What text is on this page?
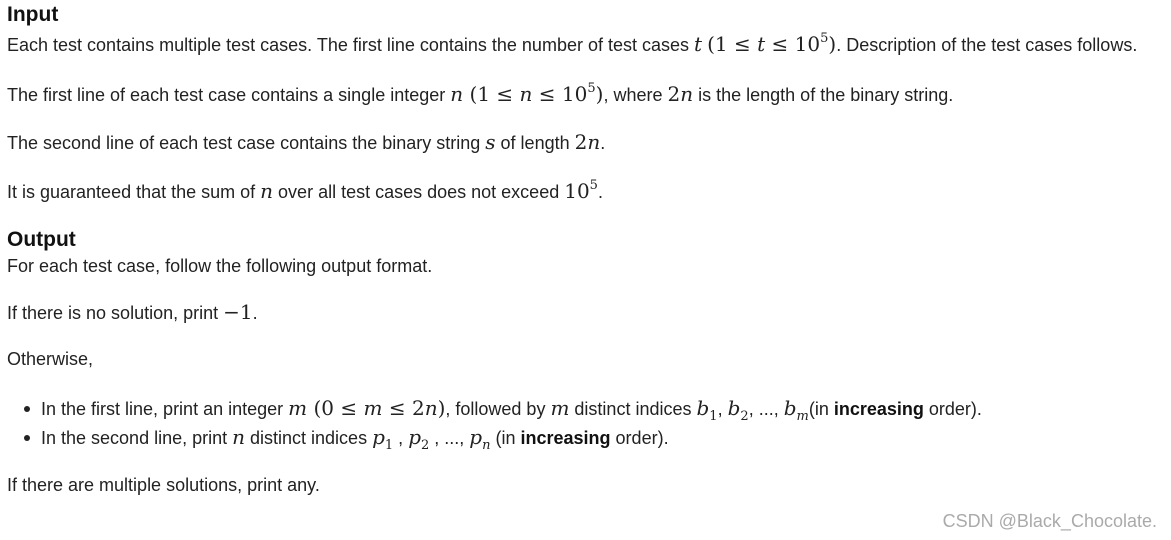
Input

Each test contains multiple test cases. The first line contains the number of test cases t $(1 \le t \le 10^5)$. Description of the test cases follows.

The first line of each test case contains a single integer n $(1 \le n \le 10^5)$, where 2n is the length of the binary string.

The second line of each test case contains the binary string s of length 2n.

It is guaranteed that the sum of n over all test cases does not exceed $10^5$.

Output

For each test case, follow the following output format.

If there is no solution, print −1.

Otherwise,

In the first line, print an integer m (0 ≤ m ≤ 2n), followed by m distinct indices $b_1$, $b_2$, ..., $b_m(in$ increasing order).
In the second line, print n distinct indices $p_1$ , $p_2$ , ..., $p_n$ (in increasing order).

If there are multiple solutions, print any.

CSDN @Black_Chocolate.
